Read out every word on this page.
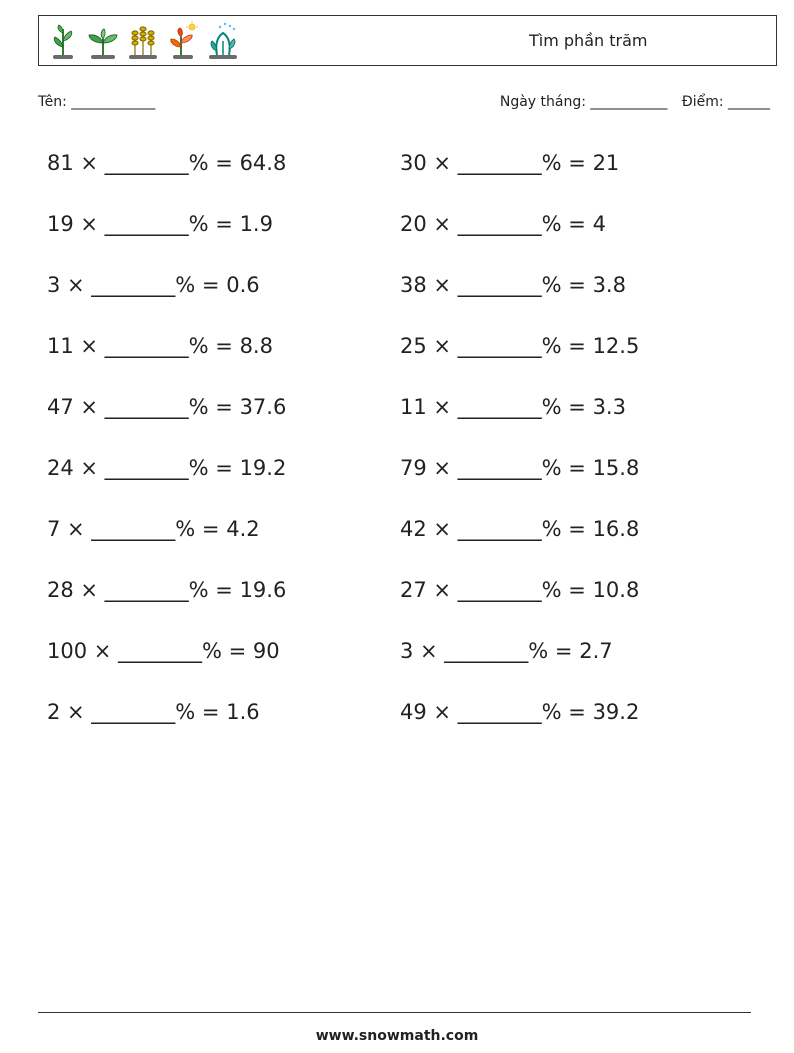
Tìm phần trăm
Tên: ____________	Ngày tháng: ___________ Điểm: ______
81 × ________% = 64.8
19 × ________% = 1.9
3 × ________% = 0.6
11 × ________% = 8.8
47 × ________% = 37.6
24 × ________% = 19.2
7 × ________% = 4.2
28 × ________% = 19.6
100 × ________% = 90
2 × ________% = 1.6
30 × ________% = 21
20 × ________% = 4
38 × ________% = 3.8
25 × ________% = 12.5
11 × ________% = 3.3
79 × ________% = 15.8
42 × ________% = 16.8
27 × ________% = 10.8
3 × ________% = 2.7
49 × ________% = 39.2
www.snowmath.com
